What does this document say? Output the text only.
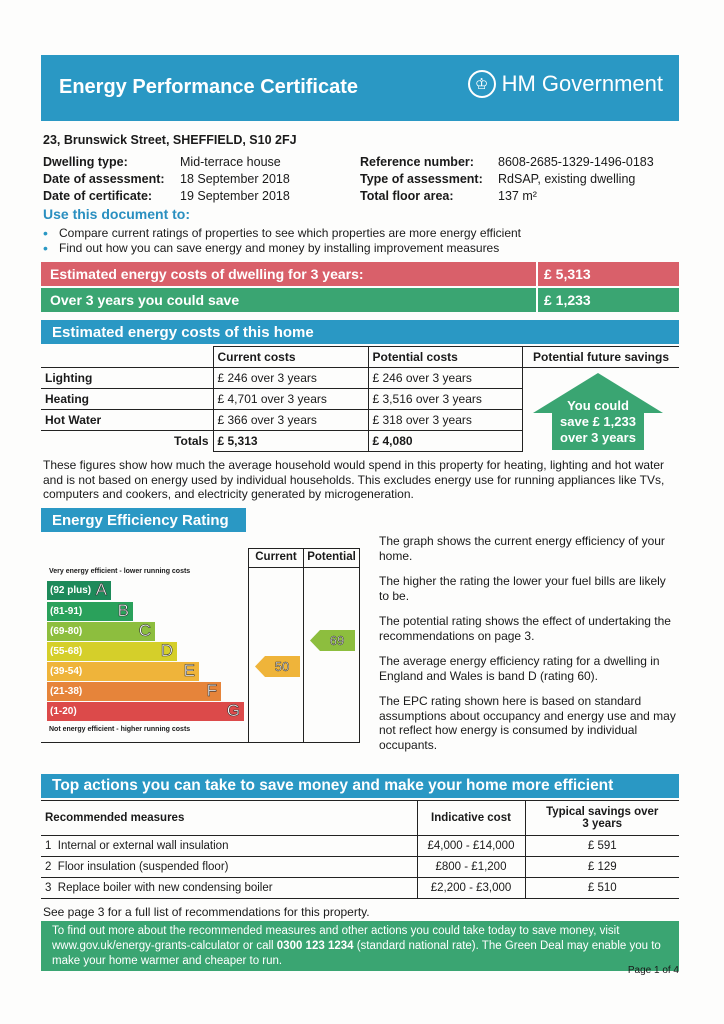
Energy Performance Certificate	♔ HM Government
23, Brunswick Street, SHEFFIELD, S10 2FJ
Dwelling type:	Mid-terrace house
Date of assessment: 18 September 2018
Date of certificate: 19 September 2018
Reference number: 8608-2685-1329-1496-0183
Type of assessment: RdSAP, existing dwelling
Total floor area:	137 m²
Use this document to:
• Compare current ratings of properties to see which properties are more energy efficient
• Find out how you can save energy and money by installing improvement measures
Estimated energy costs of dwelling for 3 years:	£ 5,313
Over 3 years you could save	£ 1,233
Estimated energy costs of this home
	Current costs	Potential costs
Lighting	£ 246 over 3 years	£ 246 over 3 years
Heating	£ 4,701 over 3 years	£ 3,516 over 3 years
Hot Water	£ 366 over 3 years	£ 318 over 3 years
Totals	£ 5,313	£ 4,080
Potential future savings

You could
save £ 1,233
over 3 years
These figures show how much the average household would spend in this property for heating, lighting and hot water and is not based on energy used by individual households. This excludes energy use for running appliances like TVs, computers and cookers, and electricity generated by microgeneration.
Energy Efficiency Rating
Current Potential
Very energy efficient - lower running costs
(92 plus) A
(81-91) B
(69-80)	C
(55-68)	D
(39-54)	E
(21-38)	F
(1-20)	G
Not energy efficient - higher running costs
50
69
The graph shows the current energy efficiency of your home.
The higher the rating the lower your fuel bills are likely to be.
The potential rating shows the effect of undertaking the recommendations on page 3.
The average energy efficiency rating for a dwelling in England and Wales is band D (rating 60).
The EPC rating shown here is based on standard assumptions about occupancy and energy use and may not reflect how energy is consumed by individual occupants.
Top actions you can take to save money and make your home more efficient
Recommended measures	Indicative cost	Typical savings over 3 years
1 Internal or external wall insulation	£4,000 - £14,000	£ 591
2 Floor insulation (suspended floor)	£800 - £1,200	£ 129
3 Replace boiler with new condensing boiler	£2,200 - £3,000	£ 510
See page 3 for a full list of recommendations for this property.
To find out more about the recommended measures and other actions you could take today to save money, visit www.gov.uk/energy-grants-calculator or call 0300 123 1234 (standard national rate). The Green Deal may enable you to make your home warmer and cheaper to run.
Page 1 of 4
